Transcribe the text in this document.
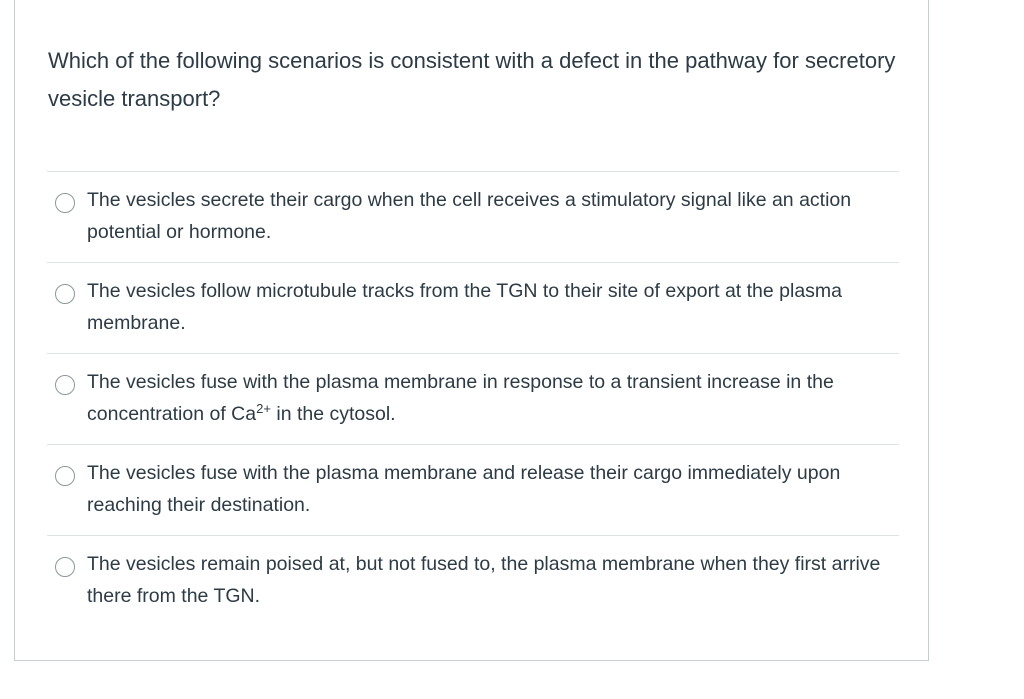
Which of the following scenarios is consistent with a defect in the pathway for secretory vesicle transport?

The vesicles secrete their cargo when the cell receives a stimulatory signal like an action potential or hormone.
The vesicles follow microtubule tracks from the TGN to their site of export at the plasma membrane.
The vesicles fuse with the plasma membrane in response to a transient increase in the concentration of $Ca^{2+}$ in the cytosol.
The vesicles fuse with the plasma membrane and release their cargo immediately upon reaching their destination.
The vesicles remain poised at, but not fused to, the plasma membrane when they first arrive there from the TGN.
